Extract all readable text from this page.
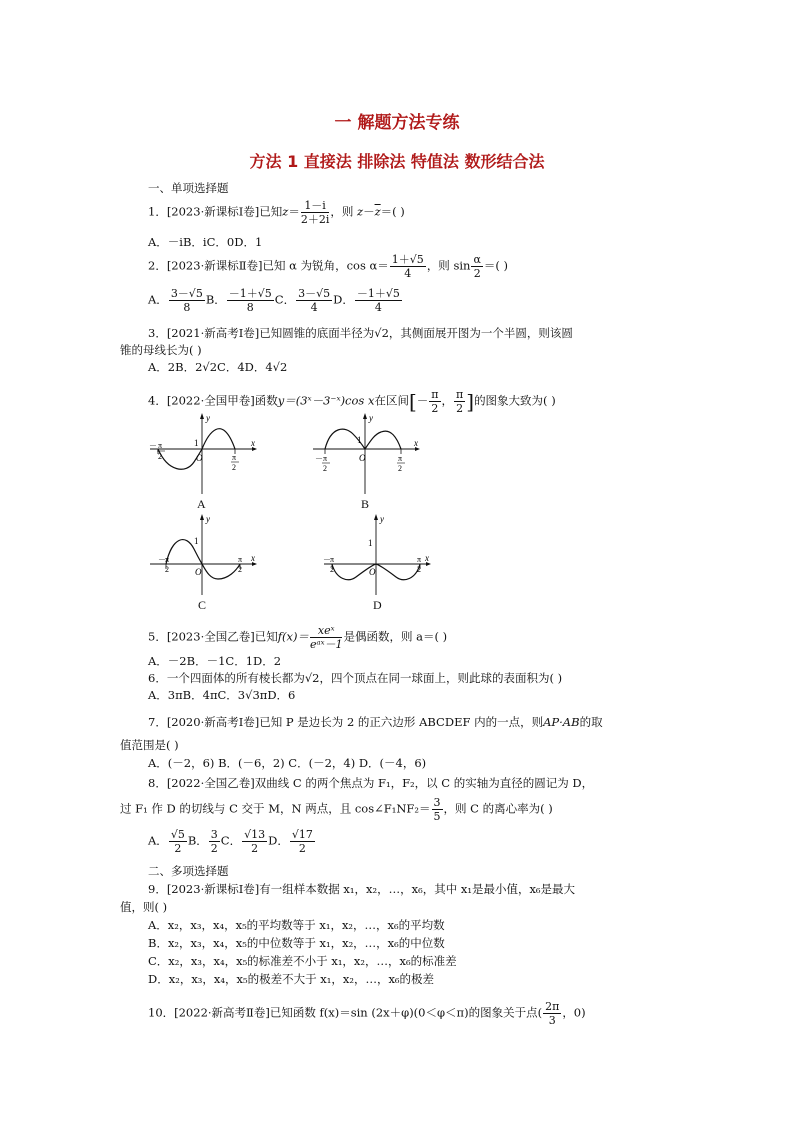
一 解题方法专练
方法 1 直接法 排除法 特值法 数形结合法
一、单项选择题
1．[2023·新课标Ⅰ卷]已知$z= \frac{1-i}{2+2i}$ ，则 $z-\overline{z}=$( )
A．－iB．iC．0D．1
2．[2023·新课标Ⅱ卷]已知 α 为锐角，$\cos \alpha= \frac{1+√5}{4}$ ，则 $\sin \frac{\alpha}{2}$ ＝( )
A． $\frac{3-√5}{8}$ B． $\frac{-1+√5}{8}$ C． $\frac{3-√5}{4}$ D． $\frac{-1+√5}{4}$
3．[2021·新高考Ⅰ卷]已知圆锥的底面半径为√2，其侧面展开图为一个半圆，则该圆
锥的母线长为( )
A．2B．2√2C．4D．4√2
4．[2022·全国甲卷]函数y＝(3ˣ－3⁻ˣ)cos x在区间[－ $\frac{\pi}{2}$ ， $\frac{\pi}{2}$ ]的图象大致为( )
y
x
1
O
－ π
2	π
2
A
y
x
1
O
－ π
2
π
2
B
y
x
1
O
－ π
2
π
2
C
y
x
1
O
－ π
2
π
2
D
5．[2023·全国乙卷]已知$f(x)= \frac{\text{xeˣ}}{\text{eᵃˣ－1}}$ 是偶函数，则 a＝( )
A．－2B．－1C．1D．2
6．一个四面体的所有棱长都为√2，四个顶点在同一球面上，则此球的表面积为( )
A．3πB．4πC．3√3πD．6
7．[2020·新高考Ⅰ卷]已知 P 是边长为 2 的正六边形 ABCDEF 内的一点，则AP·AB的取
值范围是( )
A．(－2，6) B．(－6，2) C．(－2，4) D．(－4，6)
8．[2022·全国乙卷]双曲线 C 的两个焦点为 F₁，F₂，以 C 的实轴为直径的圆记为 D，
过 F₁ 作 D 的切线与 C 交于 M，N 两点，且 cos∠F₁NF₂＝ $\frac{3}{5}$ ，则 C 的离心率为( )
A． $\frac{√5}{2}$ B． $\frac{3}{2}$ C． $\frac{√13}{2}$ D． $\frac{√17}{2}$
二、多项选择题
9．[2023·新课标Ⅰ卷]有一组样本数据 x₁，x₂，…，x₆，其中 x₁是最小值，x₆是最大
值，则( )
A．x₂，x₃，x₄，x₅的平均数等于 x₁，x₂，…，x₆的平均数
B．x₂，x₃，x₄，x₅的中位数等于 x₁，x₂，…，x₆的中位数
C．x₂，x₃，x₄，x₅的标准差不小于 x₁，x₂，…，x₆的标准差
D．x₂，x₃，x₄，x₅的极差不大于 x₁，x₂，…，x₆的极差
10．[2022·新高考Ⅱ卷]已知函数 f(x)＝sin (2x＋φ)(0＜φ＜π)的图象关于点( $\frac{2\pi}{3}$ ，0)
